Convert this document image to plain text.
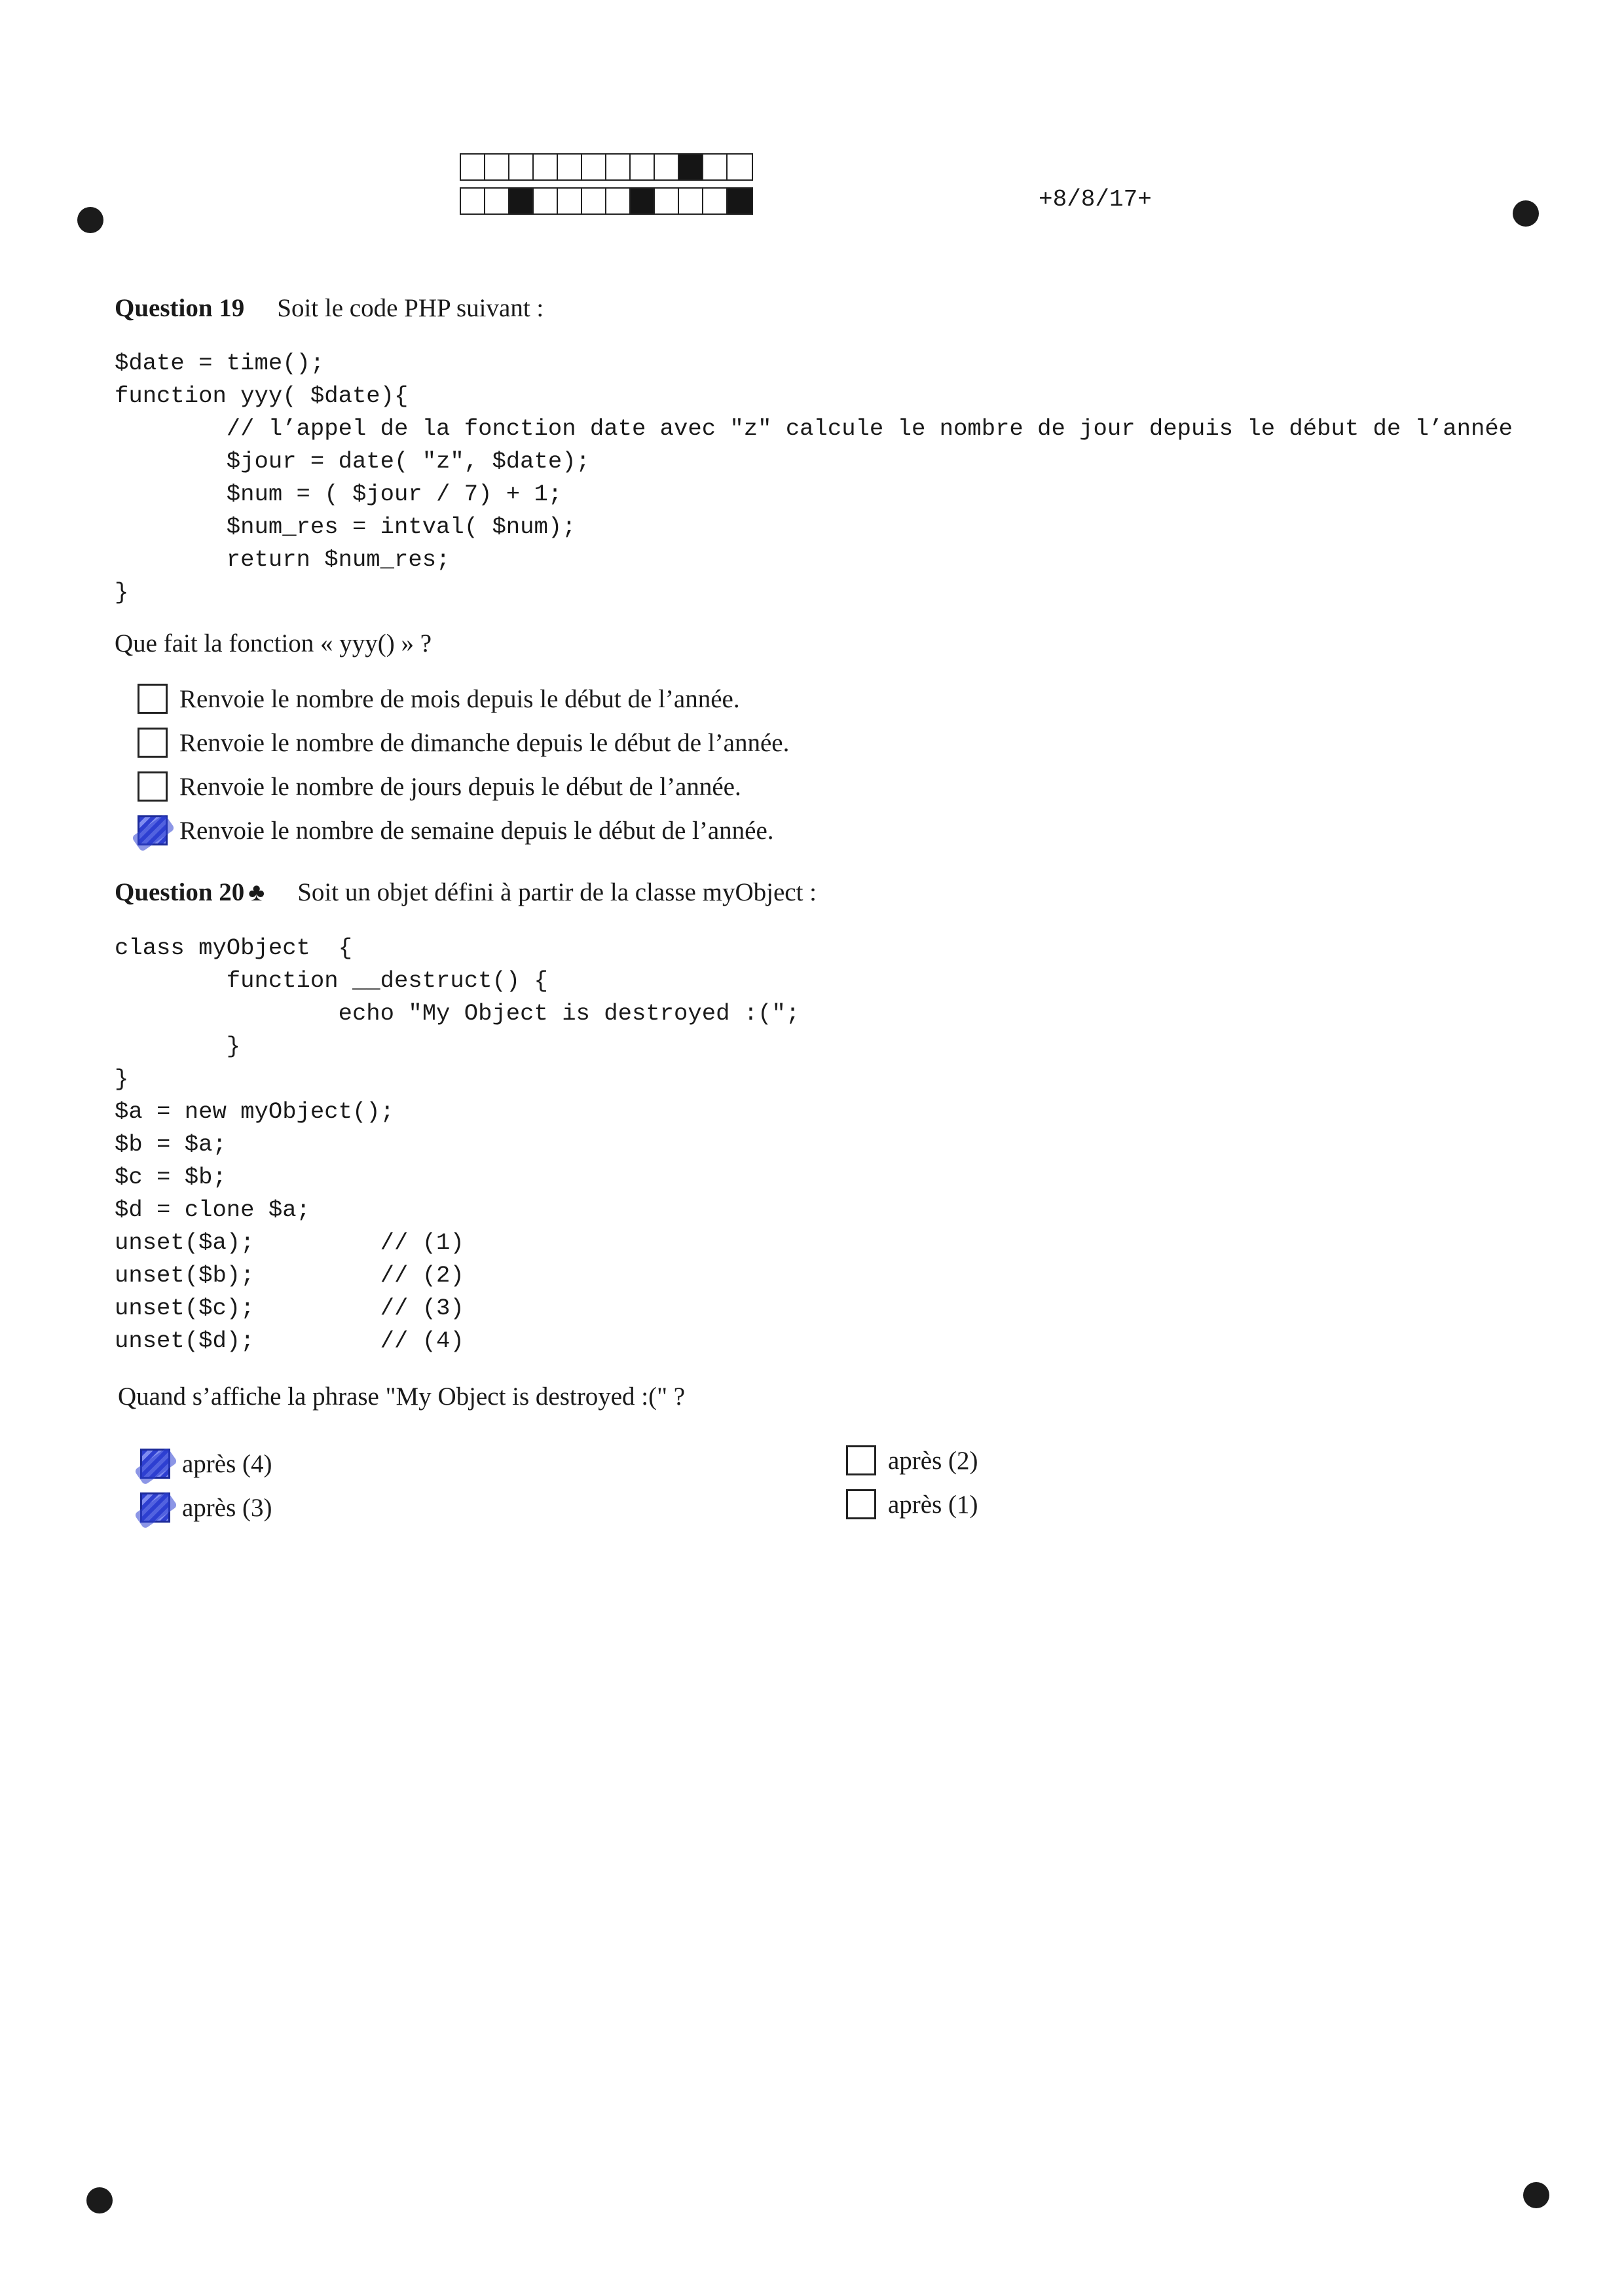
+8/8/17+
Question 19 Soit le code PHP suivant :
$date = time();
function yyy( $date){
// l’appel de la fonction date avec "z" calcule le nombre de jour depuis le début de l’année
$jour = date( "z", $date);
$num = ( $jour / 7) + 1;
$num_res = intval( $num);
return $num_res;
}
Que fait la fonction « yyy() » ?
Renvoie le nombre de mois depuis le début de l’année.
Renvoie le nombre de dimanche depuis le début de l’année.
Renvoie le nombre de jours depuis le début de l’année.
Renvoie le nombre de semaine depuis le début de l’année.
Question 20 ♣ Soit un objet défini à partir de la classe myObject :
class myObject  {
function __destruct() {
echo "My Object is destroyed :(";
}
}
$a = new myObject();
$b = $a;
$c = $b;
$d = clone $a;
unset($a);         // (1)
unset($b);         // (2)
unset($c);         // (3)
unset($d);         // (4)
Quand s’affiche la phrase "My Object is destroyed :(" ?
après (4)
après (3)
après (2)
après (1)
